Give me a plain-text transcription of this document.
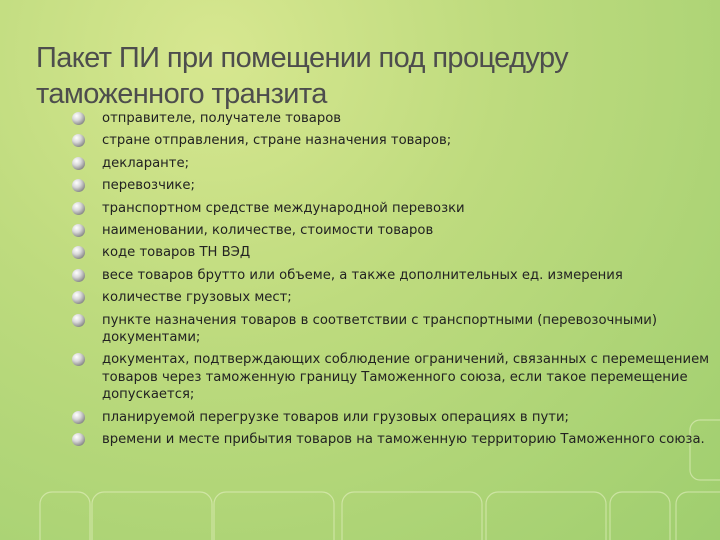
Пакет ПИ при помещении под процедуру
таможенного транзита
отправителе, получателе товаров
стране отправления, стране назначения товаров;
декларанте;
перевозчике;
транспортном средстве международной перевозки
наименовании, количестве, стоимости товаров
коде товаров ТН ВЭД
весе товаров брутто или объеме, а также дополнительных ед. измерения
количестве грузовых мест;
пункте назначения товаров в соответствии с транспортными (перевозочными) документами;
документах, подтверждающих соблюдение ограничений, связанных с перемещением товаров через таможенную границу Таможенного союза, если такое перемещение допускается;
планируемой перегрузке товаров или грузовых операциях в пути;
времени и месте прибытия товаров на таможенную территорию Таможенного союза.
